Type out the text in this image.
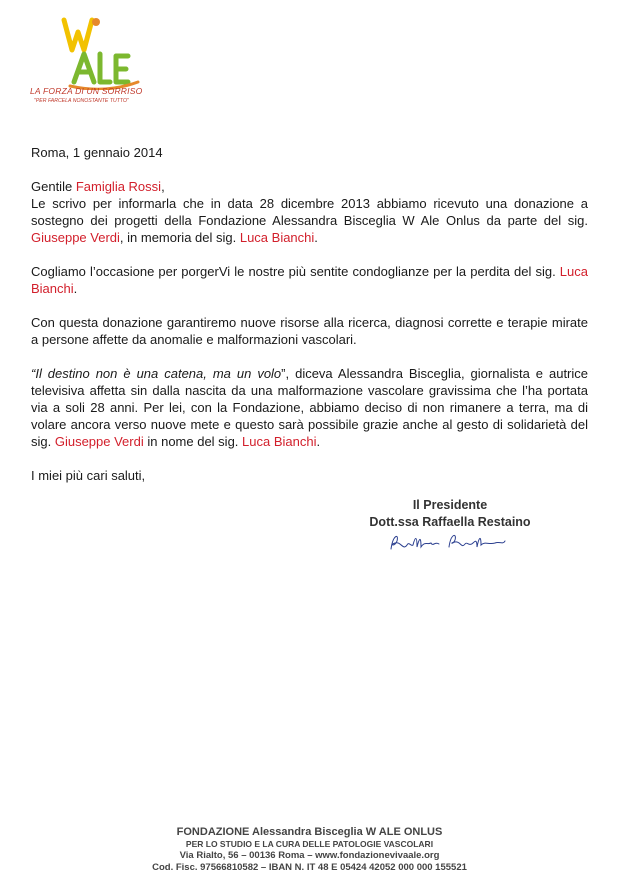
LA FORZA DI UN SORRISO
"PER FARCELA NONOSTANTE TUTTO"
Roma, 1 gennaio 2014

Gentile Famiglia Rossi,

Le scrivo per informarla che in data 28 dicembre 2013 abbiamo ricevuto una donazione a sostegno dei progetti della Fondazione Alessandra Bisceglia W Ale Onlus da parte del sig. Giuseppe Verdi, in memoria del sig. Luca Bianchi.

Cogliamo l’occasione per porgerVi le nostre più sentite condoglianze per la perdita del sig. Luca Bianchi.

Con questa donazione garantiremo nuove risorse alla ricerca, diagnosi corrette e terapie mirate a persone affette da anomalie e malformazioni vascolari.

“Il destino non è una catena, ma un volo”, diceva Alessandra Bisceglia, giornalista e autrice televisiva affetta sin dalla nascita da una malformazione vascolare gravissima che l’ha portata via a soli 28 anni. Per lei, con la Fondazione, abbiamo deciso di non rimanere a terra, ma di volare ancora verso nuove mete e questo sarà possibile grazie anche al gesto di solidarietà del sig. Giuseppe Verdi in nome del sig. Luca Bianchi.

I miei più cari saluti,

Il Presidente
Dott.ssa Raffaella Restaino
FONDAZIONE Alessandra Bisceglia W ALE ONLUS
PER LO STUDIO E LA CURA DELLE PATOLOGIE VASCOLARI
Via Rialto, 56 – 00136 Roma – www.fondazionevivaale.org
Cod. Fisc. 97566810582 – IBAN N. IT 48 E 05424 42052 000 000 155521
